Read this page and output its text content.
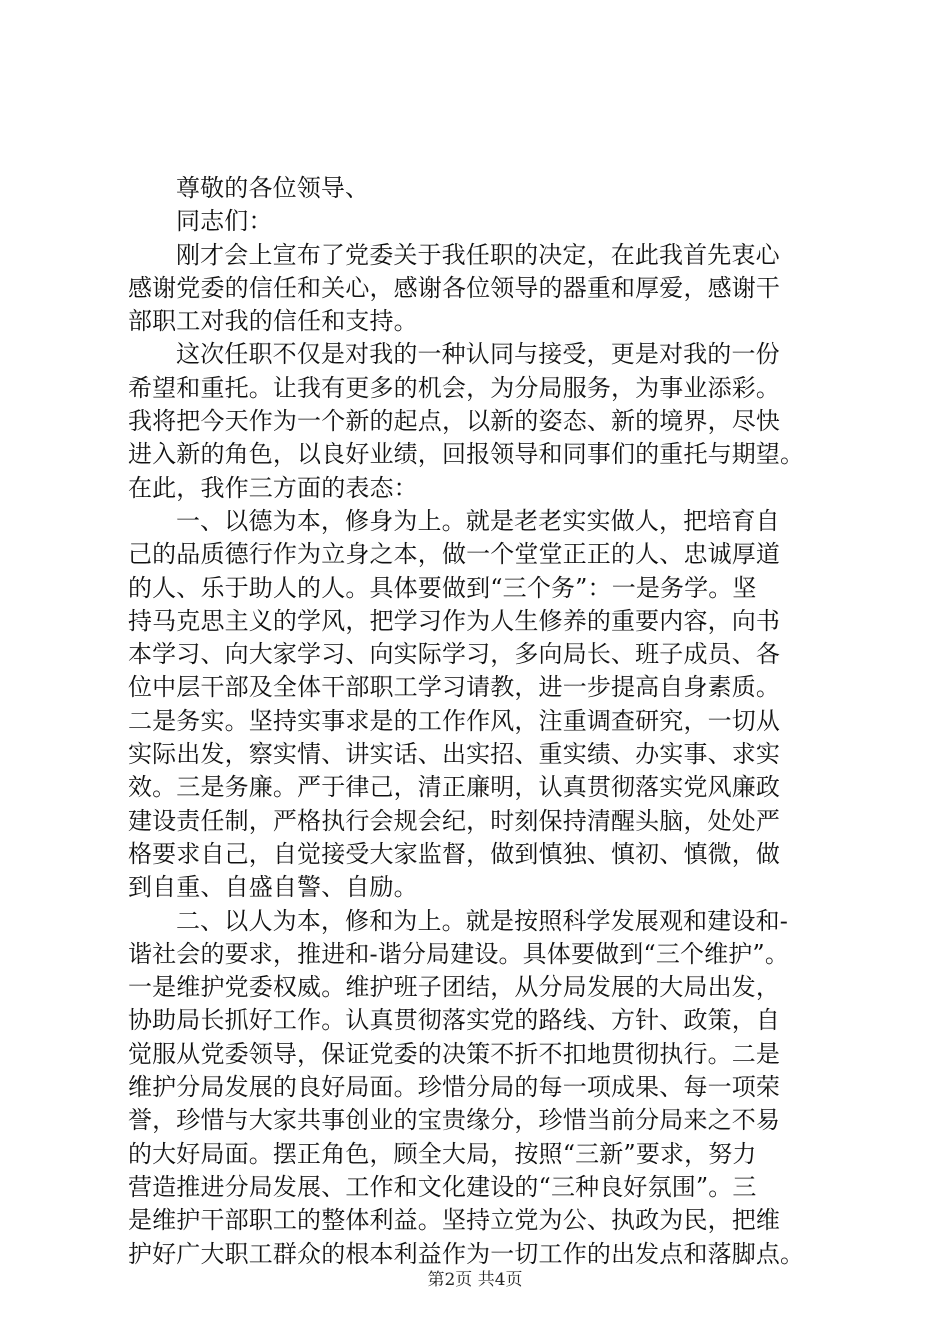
尊敬的各位领导、
同志们：
刚才会上宣布了党委关于我任职的决定，在此我首先衷心
感谢党委的信任和关心，感谢各位领导的器重和厚爱，感谢干
部职工对我的信任和支持。
这次任职不仅是对我的一种认同与接受，更是对我的一份
希望和重托。让我有更多的机会，为分局服务，为事业添彩。
我将把今天作为一个新的起点，以新的姿态、新的境界，尽快
进入新的角色，以良好业绩，回报领导和同事们的重托与期望。
在此，我作三方面的表态：
一、以德为本，修身为上。就是老老实实做人，把培育自
己的品质德行作为立身之本，做一个堂堂正正的人、忠诚厚道
的人、乐于助人的人。具体要做到“三个务”：一是务学。坚
持马克思主义的学风，把学习作为人生修养的重要内容，向书
本学习、向大家学习、向实际学习，多向局长、班子成员、各
位中层干部及全体干部职工学习请教，进一步提高自身素质。
二是务实。坚持实事求是的工作作风，注重调查研究，一切从
实际出发，察实情、讲实话、出实招、重实绩、办实事、求实
效。三是务廉。严于律己，清正廉明，认真贯彻落实党风廉政
建设责任制，严格执行会规会纪，时刻保持清醒头脑，处处严
格要求自己，自觉接受大家监督，做到慎独、慎初、慎微，做
到自重、自盛自警、自励。
二、以人为本，修和为上。就是按照科学发展观和建设和-
谐社会的要求，推进和-谐分局建设。具体要做到“三个维护”。
一是维护党委权威。维护班子团结，从分局发展的大局出发，
协助局长抓好工作。认真贯彻落实党的路线、方针、政策，自
觉服从党委领导，保证党委的决策不折不扣地贯彻执行。二是
维护分局发展的良好局面。珍惜分局的每一项成果、每一项荣
誉，珍惜与大家共事创业的宝贵缘分，珍惜当前分局来之不易
的大好局面。摆正角色，顾全大局，按照“三新”要求，努力
营造推进分局发展、工作和文化建设的“三种良好氛围”。三
是维护干部职工的整体利益。坚持立党为公、执政为民，把维
护好广大职工群众的根本利益作为一切工作的出发点和落脚点。
第2页 共4页
